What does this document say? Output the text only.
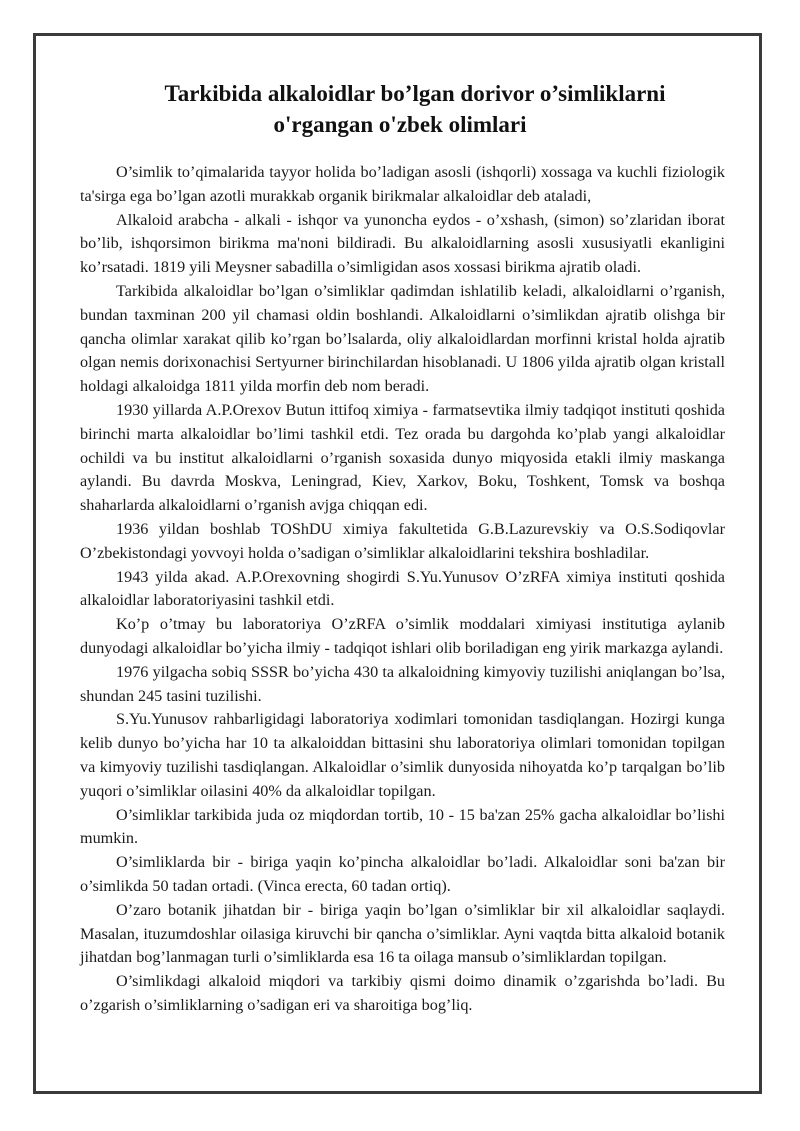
Tarkibida alkaloidlar bo’lgan dorivor o’simliklarni
o'rgangan o'zbek olimlari

O’simlik to’qimalarida tayyor holida bo’ladigan asosli (ishqorli) xossaga va kuchli fiziologik ta'sirga ega bo’lgan azotli murakkab organik birikmalar alkaloidlar deb ataladi,

Alkaloid arabcha - alkali - ishqor va yunoncha eydos - o’xshash, (simon) so’zlaridan iborat bo’lib, ishqorsimon birikma ma'noni bildiradi. Bu alkaloidlarning asosli xususiyatli ekanligini ko’rsatadi. 1819 yili Meysner sabadilla o’simligidan asos xossasi birikma ajratib oladi.

Tarkibida alkaloidlar bo’lgan o’simliklar qadimdan ishlatilib keladi, alkaloidlarni o’rganish, bundan taxminan 200 yil chamasi oldin boshlandi. Alkaloidlarni o’simlikdan ajratib olishga bir qancha olimlar xarakat qilib ko’rgan bo’lsalarda, oliy alkaloidlardan morfinni kristal holda ajratib olgan nemis dorixonachisi Sertyurner birinchilardan hisoblanadi. U 1806 yilda ajratib olgan kristall holdagi alkaloidga 1811 yilda morfin deb nom beradi.

1930 yillarda A.P.Orexov Butun ittifoq ximiya - farmatsevtika ilmiy tadqiqot instituti qoshida birinchi marta alkaloidlar bo’limi tashkil etdi. Tez orada bu dargohda ko’plab yangi alkaloidlar ochildi va bu institut alkaloidlarni o’rganish soxasida dunyo miqyosida etakli ilmiy maskanga aylandi. Bu davrda Moskva, Leningrad, Kiev, Xarkov, Boku, Toshkent, Tomsk va boshqa shaharlarda alkaloidlarni o’rganish avjga chiqqan edi.

1936 yildan boshlab TOShDU ximiya fakultetida G.B.Lazurevskiy va O.S.Sodiqovlar O’zbekistondagi yovvoyi holda o’sadigan o’simliklar alkaloidlarini tekshira boshladilar.

1943 yilda akad. A.P.Orexovning shogirdi S.Yu.Yunusov O’zRFA ximiya instituti qoshida alkaloidlar laboratoriyasini tashkil etdi.

Ko’p o’tmay bu laboratoriya O’zRFA o’simlik moddalari ximiyasi institutiga aylanib dunyodagi alkaloidlar bo’yicha ilmiy - tadqiqot ishlari olib boriladigan eng yirik markazga aylandi.

1976 yilgacha sobiq SSSR bo’yicha 430 ta alkaloidning kimyoviy tuzilishi aniqlangan bo’lsa, shundan 245 tasini tuzilishi.

S.Yu.Yunusov rahbarligidagi laboratoriya xodimlari tomonidan tasdiqlangan. Hozirgi kunga kelib dunyo bo’yicha har 10 ta alkaloiddan bittasini shu laboratoriya olimlari tomonidan topilgan va kimyoviy tuzilishi tasdiqlangan. Alkaloidlar o’simlik dunyosida nihoyatda ko’p tarqalgan bo’lib yuqori o’simliklar oilasini 40% da alkaloidlar topilgan.

O’simliklar tarkibida juda oz miqdordan tortib, 10 - 15 ba'zan 25% gacha alkaloidlar bo’lishi mumkin.

O’simliklarda bir - biriga yaqin ko’pincha alkaloidlar bo’ladi. Alkaloidlar soni ba'zan bir o’simlikda 50 tadan ortadi. (Vinca erecta, 60 tadan ortiq).

O’zaro botanik jihatdan bir - biriga yaqin bo’lgan o’simliklar bir xil alkaloidlar saqlaydi. Masalan, ituzumdoshlar oilasiga kiruvchi bir qancha o’simliklar. Ayni vaqtda bitta alkaloid botanik jihatdan bog’lanmagan turli o’simliklarda esa 16 ta oilaga mansub o’simliklardan topilgan.

O’simlikdagi alkaloid miqdori va tarkibiy qismi doimo dinamik o’zgarishda bo’ladi. Bu o’zgarish o’simliklarning o’sadigan eri va sharoitiga bog’liq.
